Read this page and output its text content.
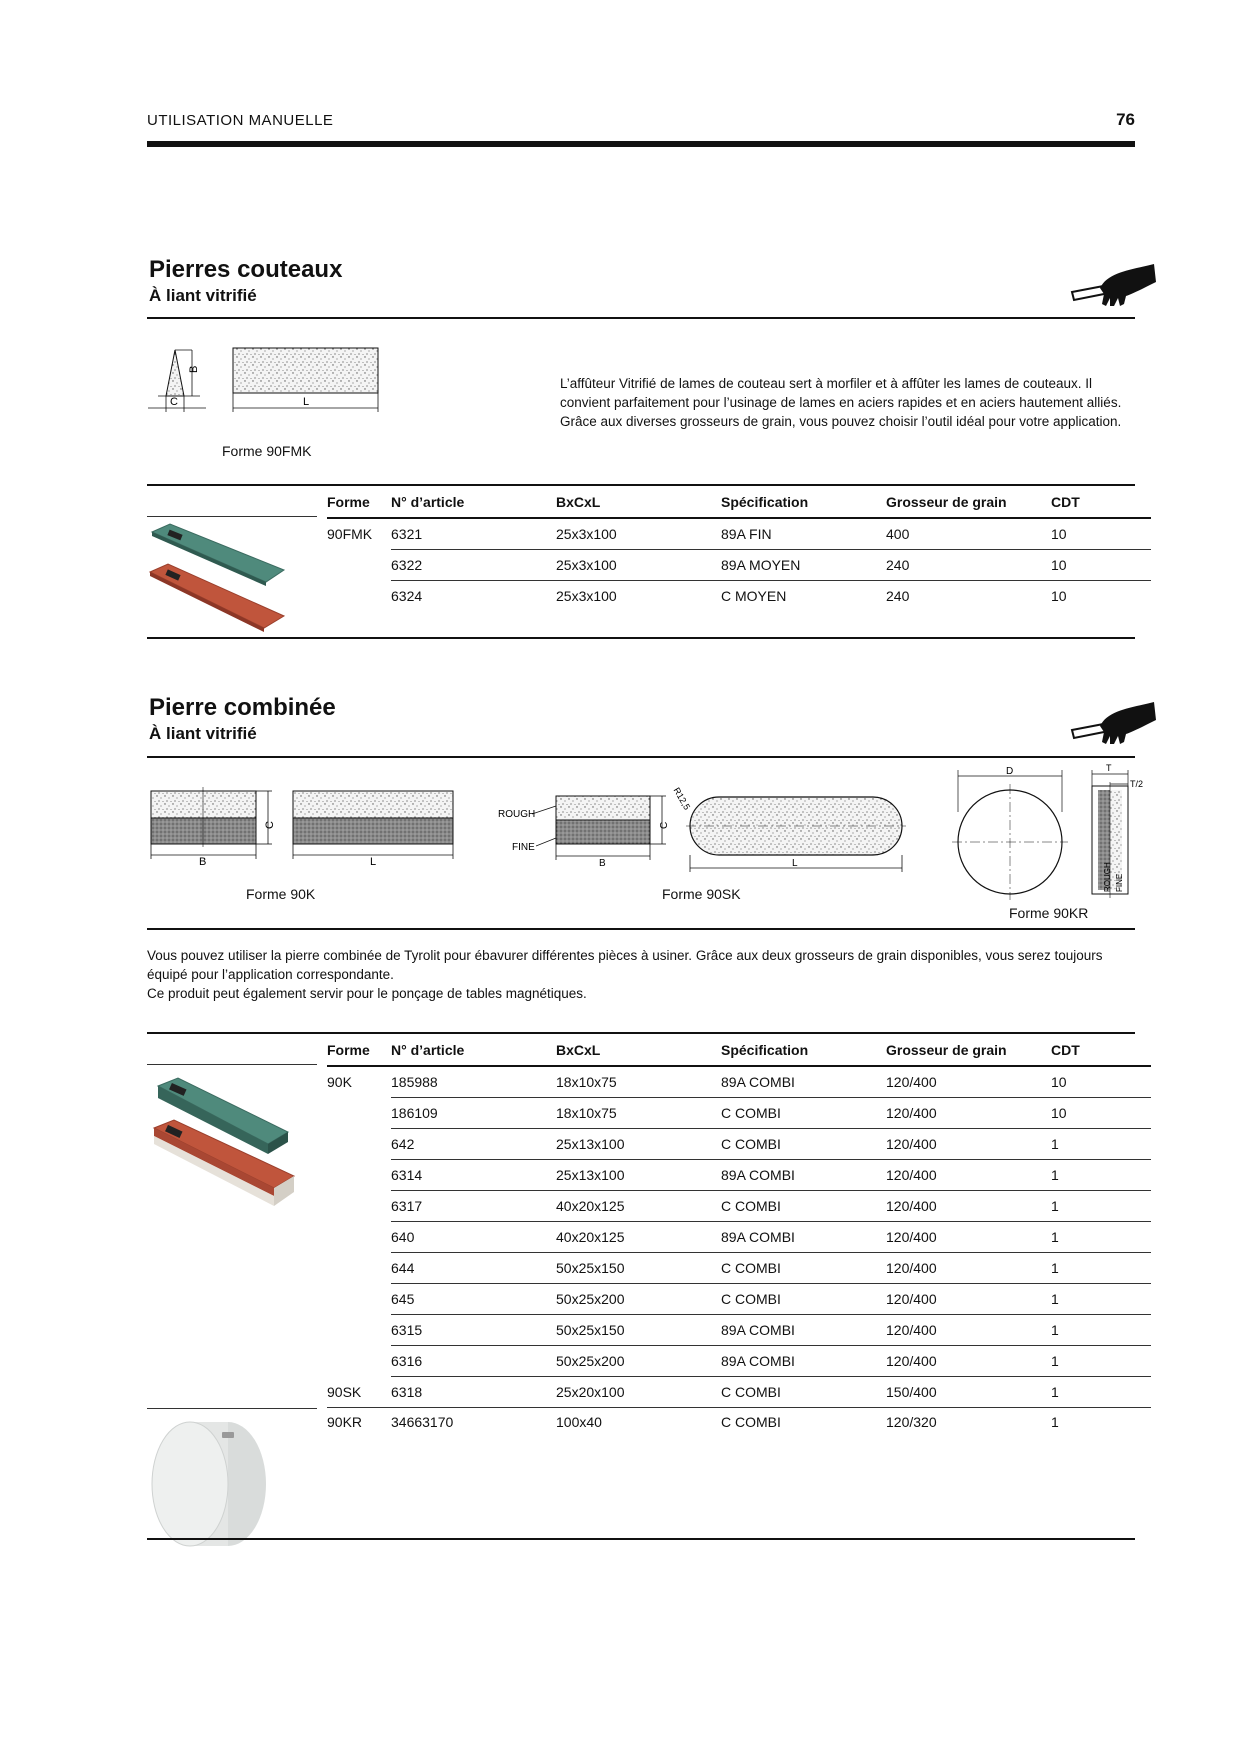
UTILISATION MANUELLE	76
Pierres couteaux
À liant vitrifié
B
C	L
Forme 90FMK
L’affûteur Vitrifié de lames de couteau sert à morfiler et à affûter les lames de couteaux. Il convient parfaitement pour l’usinage de lames en aciers rapides et en aciers hautement alliés. Grâce aux diverses grosseurs de grain, vous pouvez choisir l’outil idéal pour votre application.
Forme	N° d’article	BxCxL	Spécification	Grosseur de grain	CDT
90FMK	6321	25x3x100	89A FIN	400	10
	6322	25x3x100	89A MOYEN	240	10
	6324	25x3x100	C MOYEN	240	10
Pierre combinée
À liant vitrifié
C
B	L
Forme 90K
ROUGH
FINE
C
B
R12,5
L
Forme 90SK
D	T
T/2
ROUGH FINE
Forme 90KR
Vous pouvez utiliser la pierre combinée de Tyrolit pour ébavurer différentes pièces à usiner. Grâce aux deux grosseurs de grain disponibles, vous serez toujours équipé pour l’application correspondante.
Ce produit peut également servir pour le ponçage de tables magnétiques.
Forme	N° d’article	BxCxL	Spécification	Grosseur de grain	CDT
90K	185988	18x10x75	89A COMBI	120/400	10
	186109	18x10x75	C COMBI	120/400	10
	642	25x13x100	C COMBI	120/400	1
	6314	25x13x100	89A COMBI	120/400	1
	6317	40x20x125	C COMBI	120/400	1
	640	40x20x125	89A COMBI	120/400	1
	644	50x25x150	C COMBI	120/400	1
	645	50x25x200	C COMBI	120/400	1
	6315	50x25x150	89A COMBI	120/400	1
	6316	50x25x200	89A COMBI	120/400	1
90SK	6318	25x20x100	C COMBI	150/400	1
90KR	34663170	100x40	C COMBI	120/320	1
